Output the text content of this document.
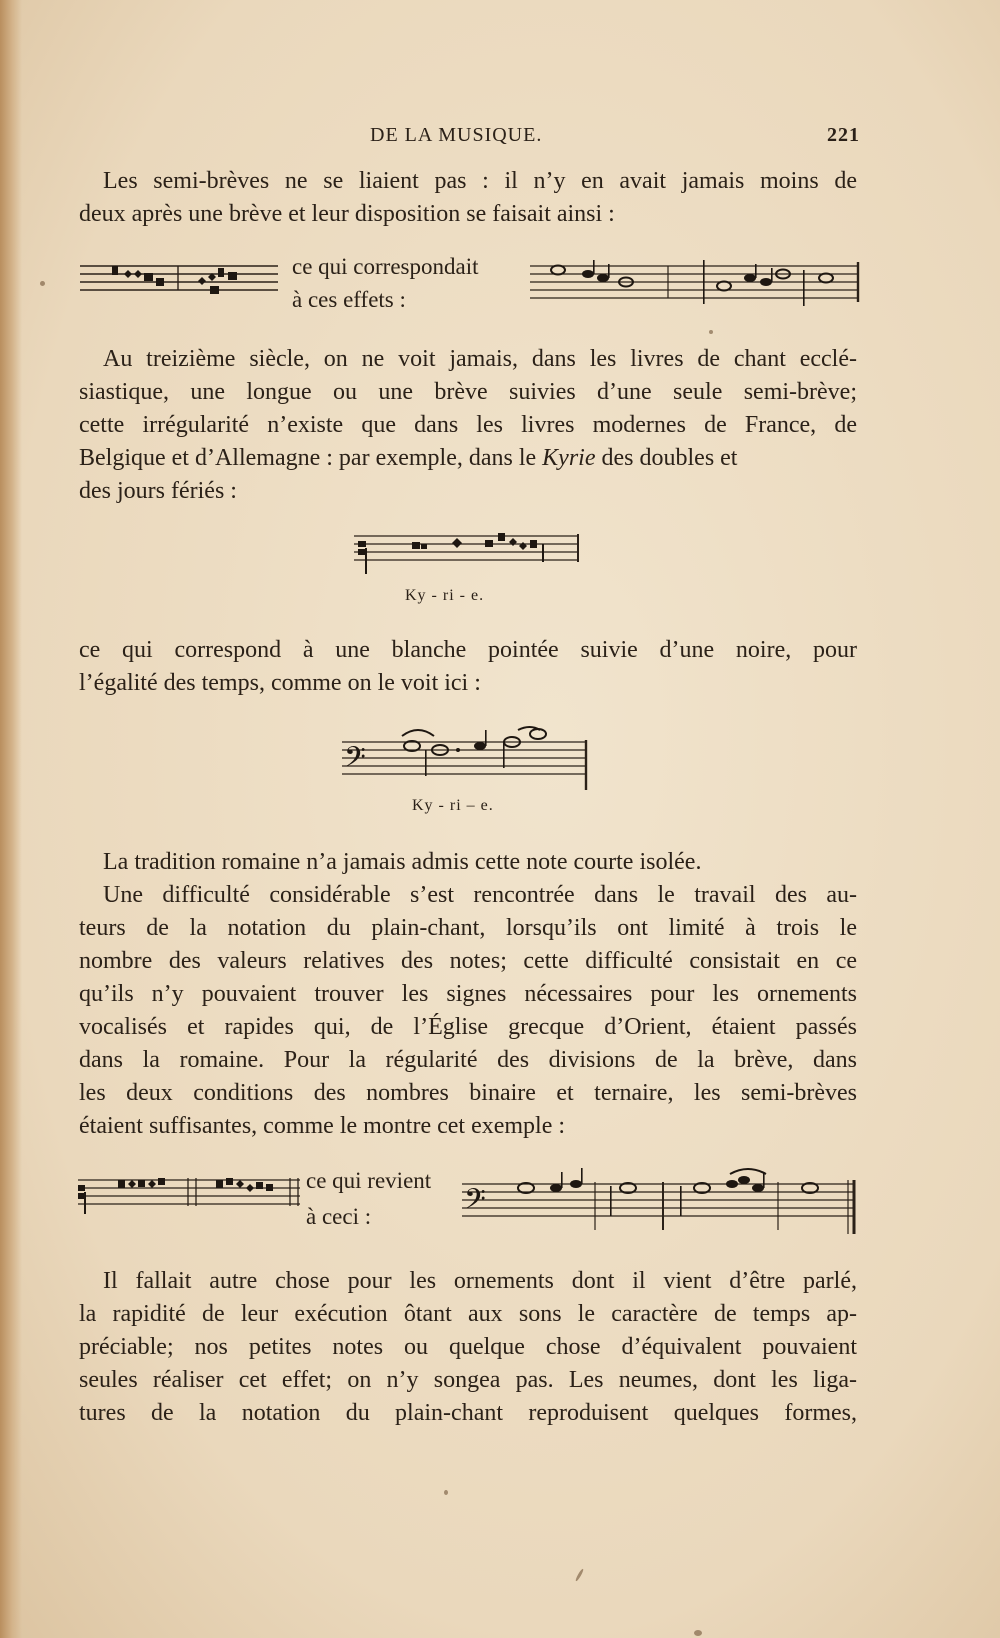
DE LA MUSIQUE.	221
Les semi-brèves ne se liaient pas : il n’y en avait jamais moins de
deux après une brève et leur disposition se faisait ainsi :
ce qui correspondait
à ces effets :
Au treizième siècle, on ne voit jamais, dans les livres de chant ecclé-
siastique, une longue ou une brève suivies d’une seule semi-brève;
cette irrégularité n’existe que dans les livres modernes de France, de
Belgique et d’Allemagne : par exemple, dans le Kyrie des doubles et
des jours fériés :
Ky - ri - e.
ce qui correspond à une blanche pointée suivie d’une noire, pour
l’égalité des temps, comme on le voit ici :
𝄢
Ky - ri – e.
La tradition romaine n’a jamais admis cette note courte isolée.
Une difficulté considérable s’est rencontrée dans le travail des au-
teurs de la notation du plain-chant, lorsqu’ils ont limité à trois le
nombre des valeurs relatives des notes; cette difficulté consistait en ce
qu’ils n’y pouvaient trouver les signes nécessaires pour les ornements
vocalisés et rapides qui, de l’Église grecque d’Orient, étaient passés
dans la romaine. Pour la régularité des divisions de la brève, dans
les deux conditions des nombres binaire et ternaire, les semi-brèves
étaient suffisantes, comme le montre cet exemple :
ce qui revient
à ceci :	𝄢
Il fallait autre chose pour les ornements dont il vient d’être parlé,
la rapidité de leur exécution ôtant aux sons le caractère de temps ap-
préciable; nos petites notes ou quelque chose d’équivalent pouvaient
seules réaliser cet effet; on n’y songea pas. Les neumes, dont les liga-
tures de la notation du plain-chant reproduisent quelques formes,
